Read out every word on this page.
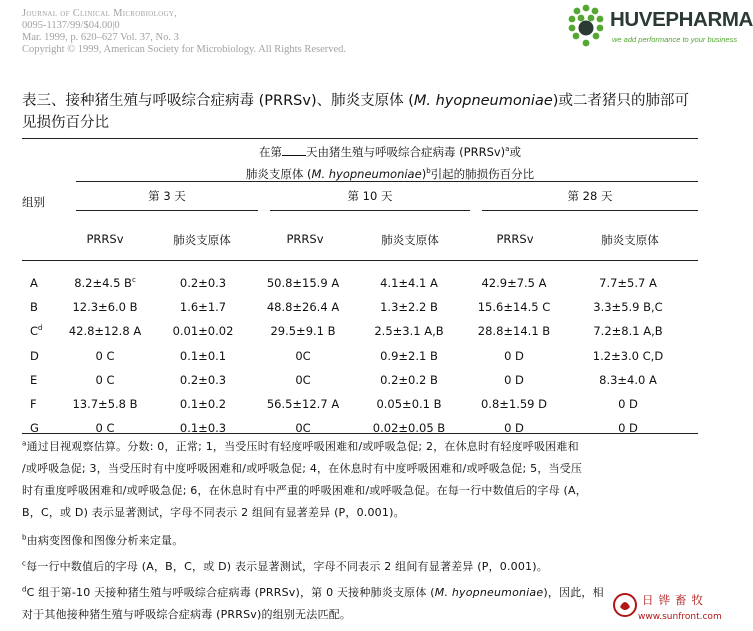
Journal of Clinical Microbiology,
0095-1137/99/$04.00|0
Mar. 1999, p. 620–627 Vol. 37, No. 3
Copyright © 1999, American Society for Microbiology. All Rights Reserved.
HUVEPHARMA
we add performance to your business
表三、接种猪生殖与呼吸综合症病毒 (PRRSv)、肺炎支原体 (M. hyopneumoniae)或二者猪只的肺部可见损伤百分比
在第 天由猪生殖与呼吸综合症病毒 (PRRSv)$^a$或
肺炎支原体 (M. hyopneumoniae)$^b$引起的肺损伤百分比
组别	第 3 天	第 10 天	第 28 天
PRRSv	肺炎支原体	PRRSv	肺炎支原体	PRRSv	肺炎支原体
A	8.2±4.5 $B^c$	0.2±0.3	50.8±15.9 A	4.1±4.1 A	42.9±7.5 A	7.7±5.7 A
B	12.3±6.0 B	1.6±1.7	48.8±26.4 A	1.3±2.2 B	15.6±14.5 C	3.3±5.9 B,C
$C^d$	42.8±12.8 A	0.01±0.02	29.5±9.1 B	2.5±3.1 A,B	28.8±14.1 B	7.2±8.1 A,B
D	0 C	0.1±0.1	0C	0.9±2.1 B	0 D	1.2±3.0 C,D
E	0 C	0.2±0.3	0C	0.2±0.2 B	0 D	8.3±4.0 A
F	13.7±5.8 B	0.1±0.2	56.5±12.7 A	0.05±0.1 B	0.8±1.59 D	0 D
G	0 C	0.1±0.3	0C	0.02±0.05 B	0 D	0 D
$^a$通过目视观察估算。分数: 0，正常; 1，当受压时有轻度呼吸困难和/或呼吸急促; 2，在休息时有轻度呼吸困难和
/或呼吸急促; 3，当受压时有中度呼吸困难和/或呼吸急促; 4，在休息时有中度呼吸困难和/或呼吸急促; 5，当受压
时有重度呼吸困难和/或呼吸急促; 6，在休息时有中严重的呼吸困难和/或呼吸急促。在每一行中数值后的字母 (A，
B，C，或 D) 表示显著测试，字母不同表示 2 组间有显著差异 (P，0.001)。
$^b$由病变图像和图像分析来定量。
$^c$每一行中数值后的字母 (A，B，C，或 D) 表示显著测试，字母不同表示 2 组间有显著差异 (P，0.001)。
$^d$C 组于第-10 天接种猪生殖与呼吸综合症病毒 (PRRSv)，第 0 天接种肺炎支原体 (M. hyopneumoniae)，因此，相
对于其他接种猪生殖与呼吸综合症病毒 (PRRSv)的组别无法匹配。
日铧畜牧
www.sunfront.com
